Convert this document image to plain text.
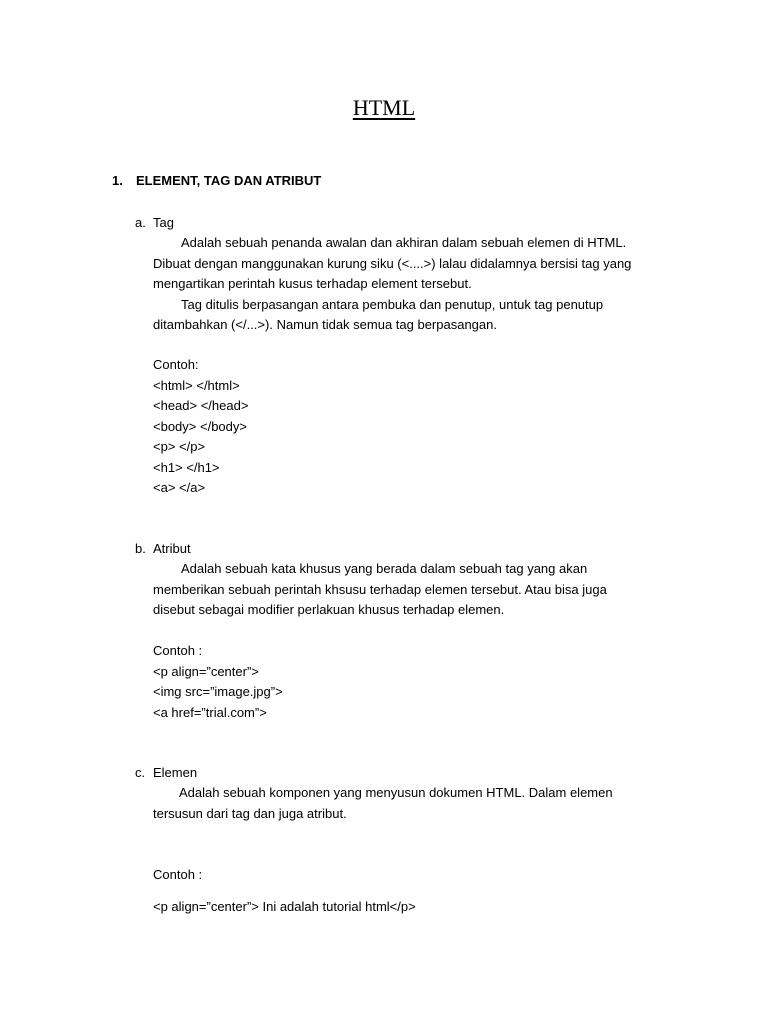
HTML
1. ELEMENT, TAG DAN ATRIBUT
a. Tag
Adalah sebuah penanda awalan dan akhiran dalam sebuah elemen di HTML.
Dibuat dengan manggunakan kurung siku (<....>) lalau didalamnya bersisi tag yang
mengartikan perintah kusus terhadap element tersebut.
Tag ditulis berpasangan antara pembuka dan penutup, untuk tag penutup
ditambahkan (</...>). Namun tidak semua tag berpasangan.
Contoh:
<html> </html>
<head> </head>
<body> </body>
<p> </p>
<h1> </h1>
<a> </a>
b. Atribut
Adalah sebuah kata khusus yang berada dalam sebuah tag yang akan
memberikan sebuah perintah khsusu terhadap elemen tersebut. Atau bisa juga
disebut sebagai modifier perlakuan khusus terhadap elemen.
Contoh :
<p align=”center”>
<img src=”image.jpg”>
<a href=”trial.com”>
c. Elemen
Adalah sebuah komponen yang menyusun dokumen HTML. Dalam elemen
tersusun dari tag dan juga atribut.
Contoh :
<p align=”center”> Ini adalah tutorial html</p>
